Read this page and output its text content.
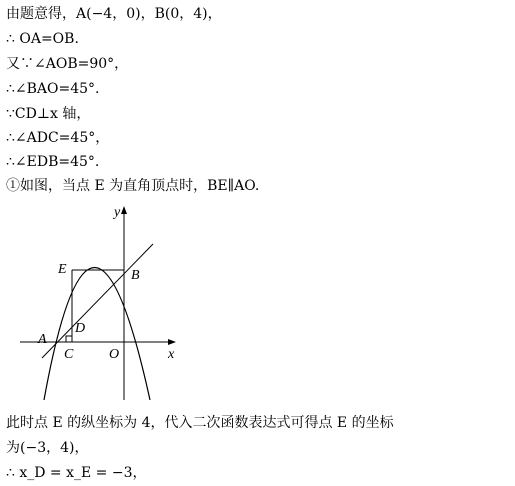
由题意得，A(−4，0)，B(0，4)，
∴ OA=OB.
又∵∠AOB=90°，
∴∠BAO=45°.
∵CD⊥x 轴，
∴∠ADC=45°，
∴∠EDB=45°.
①如图，当点 E 为直角顶点时，BE∥AO.
y
x
E	B
D
A
C	O
此时点 E 的纵坐标为 4，代入二次函数表达式可得点 E 的坐标
为(−3，4)，
∴ x_D = x_E = −3，
